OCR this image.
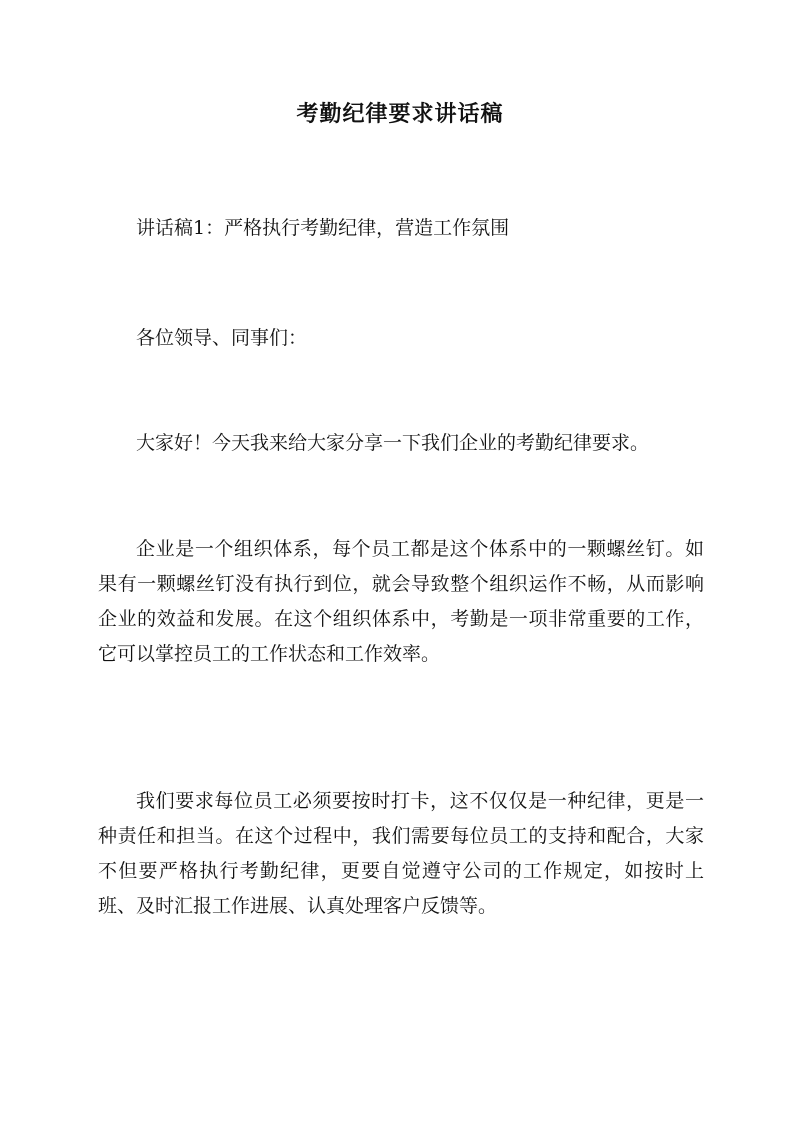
考勤纪律要求讲话稿

讲话稿1：严格执行考勤纪律，营造工作氛围

各位领导、同事们：

大家好！今天我来给大家分享一下我们企业的考勤纪律要求。

企业是一个组织体系，每个员工都是这个体系中的一颗螺丝钉。如果有一颗螺丝钉没有执行到位，就会导致整个组织运作不畅，从而影响企业的效益和发展。在这个组织体系中，考勤是一项非常重要的工作，它可以掌控员工的工作状态和工作效率。

我们要求每位员工必须要按时打卡，这不仅仅是一种纪律，更是一种责任和担当。在这个过程中，我们需要每位员工的支持和配合，大家不但要严格执行考勤纪律，更要自觉遵守公司的工作规定，如按时上班、及时汇报工作进展、认真处理客户反馈等。
